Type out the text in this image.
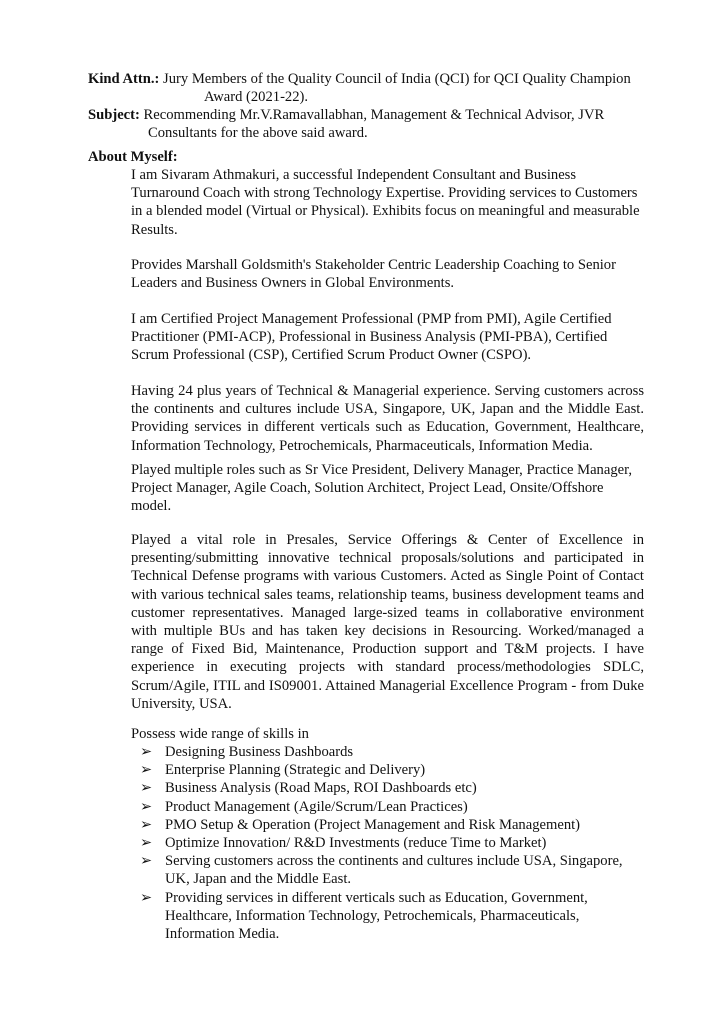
Kind Attn.: Jury Members of the Quality Council of India (QCI) for QCI Quality Champion
Award (2021-22).
Subject: Recommending Mr.V.Ramavallabhan, Management & Technical Advisor, JVR
Consultants for the above said award.
About Myself:

I am Sivaram Athmakuri, a successful Independent Consultant and Business Turnaround Coach with strong Technology Expertise. Providing services to Customers in a blended model (Virtual or Physical). Exhibits focus on meaningful and measurable Results.

Provides Marshall Goldsmith's Stakeholder Centric Leadership Coaching to Senior Leaders and Business Owners in Global Environments.

I am Certified Project Management Professional (PMP from PMI), Agile Certified Practitioner (PMI-ACP), Professional in Business Analysis (PMI-PBA), Certified Scrum Professional (CSP), Certified Scrum Product Owner (CSPO).

Having 24 plus years of Technical & Managerial experience. Serving customers across the continents and cultures include USA, Singapore, UK, Japan and the Middle East. Providing services in different verticals such as Education, Government, Healthcare, Information Technology, Petrochemicals, Pharmaceuticals, Information Media.

Played multiple roles such as Sr Vice President, Delivery Manager, Practice Manager, Project Manager, Agile Coach, Solution Architect, Project Lead, Onsite/Offshore model.

Played a vital role in Presales, Service Offerings & Center of Excellence in presenting/submitting innovative technical proposals/solutions and participated in Technical Defense programs with various Customers. Acted as Single Point of Contact with various technical sales teams, relationship teams, business development teams and customer representatives. Managed large-sized teams in collaborative environment with multiple BUs and has taken key decisions in Resourcing. Worked/managed a range of Fixed Bid, Maintenance, Production support and T&M projects. I have experience in executing projects with standard process/methodologies SDLC, Scrum/Agile, ITIL and IS09001. Attained Managerial Excellence Program - from Duke University, USA.

Possess wide range of skills in

➢ Designing Business Dashboards
➢ Enterprise Planning (Strategic and Delivery)
➢ Business Analysis (Road Maps, ROI Dashboards etc)
➢ Product Management (Agile/Scrum/Lean Practices)
➢ PMO Setup & Operation (Project Management and Risk Management)
➢ Optimize Innovation/ R&D Investments (reduce Time to Market)
➢ Serving customers across the continents and cultures include USA, Singapore, UK, Japan and the Middle East.
➢ Providing services in different verticals such as Education, Government, Healthcare, Information Technology, Petrochemicals, Pharmaceuticals, Information Media.
